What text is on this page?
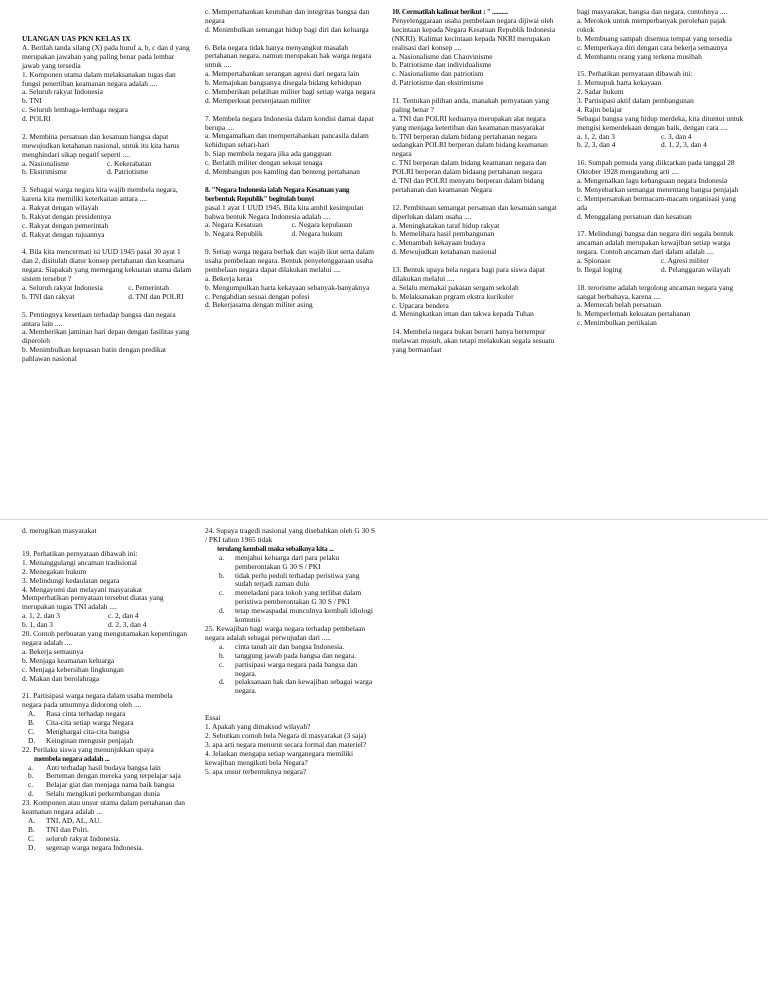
ULANGAN UAS PKN KELAS IX

A. Berilah tanda silang (X) pada huruf a, b, c dan d yang merupakan jawaban yang paling benar pada lembar jawab yang tersedia

1. Komponen utama dalam melaksanakan tugas dan fungsi penertiban keamanan negara adalah ....
a. Seluruh rakyat Indonesia
b. TNI
c. Seluruh lembaga-lembaga negara
d. POLRI
2. Membina persatuan dan kesatuan bangsa dapat mewujudkan ketahanan nasional, untuk itu kita harus menghindari sikap negatif seperti ....
a. Nasionalisme	c. Kekerabatan
b. Ekstrimisme	d. Patriotisme
3. Sebagai warga negara kita wajib membela negara, karena kita memiliki keterkaitan antara ....
a. Rakyat dengan wilayah
b. Rakyat dengan presidennya
c. Rakyat dengan pemerintah
d. Rakyat dengan tujuannya
4. Bila kita mencermati isi UUD 1945 pasal 30 ayat 1 dan 2, disitulah diatur konsep pertahanan dan keamana negara. Siapakah yang memegang kekuatan utama dalam sistem tersebut ?
a. Seluruh rakyat Indonesia	c. Pemerintah
b. TNI dan rakyat	d. TNI dan POLRI
5. Pentingnya kesetiaan terhadap bangsa dan negara antara lain ....
a. Memberikan jaminan hari depan dengan fasilitas yang diperoleh
b. Menimbulkan kepuasan batin dengan predikat pahlawan nasional
c. Mempertahankan keutuhan dan integritas bangsa dan negara
d. Menimbulkan semangat hidup bagi diri dan keluarga
6. Bela negara tidak hanya menyangkut masalah pertahanan negara, namun merupakan hak warga negara untuk ....
a. Mempertahankan serangan agresi dari negara lain
b. Memajukan bangsanya disegala bidang kehidupan
c. Memberikan pelatihan militer bagi setiap warga negara
d. Memperkuat persenjataan militer
7. Membela negara Indonesia dalam kondisi damai dapat berupa ....
a. Mengamalkan dan mempertahankan pancasila dalam kehidupan sehari-hari
b. Siap membela negara jika ada gangguan
c. Berlatih militer dengan sekuat tenaga
d. Membangun pos kamling dan benteng pertahanan
8. "Negara Indonesia ialah Negara Kesatuan yang berbentuk Republik" begitulah bunyi
pasal 1 ayat 1 UUD 1945. Bila kita ambil kesimpulan bahwa bentuk Negara Indonesia adalah ....
a. Negara Kesatuan	c. Negara kepulauan
b. Negara Republik	d. Negara hukum
9. Setiap warga negara berhak dan wajib ikut serta dalam usaha pembelaan negara. Bentuk penyelenggaraan usaha pembelaan negara dapat dilakukan melalui ....
a. Bekerja keras
b. Mengumpulkan harta kekayaan sebanyak-banyaknya
c. Pengabdian sesuai dengan pofesi
d. Bekerjasama dengan militer asing
10. Cermatilah kalimat berikut : " ..........
Penyelenggaraan usaha pembelaan negara dijiwai oleh kecintaan kepada Negara Kesatuan Republik Indonesia (NKRI). Kalimat kecintaan kepada NKRI merupakan realisasi dari konsep ....
a. Nasionalisme dan Chauvinisme
b. Patriotisme dan individualisme
c. Nasionalisme dan patriotism
d. Patriotisme dan ekstrimisme
11. Tentukan pilihan anda, manakah pernyataan yang paling benar ?
a. TNI dan POLRI keduanya merupakan alat negara yang menjaga ketertiban dan keamanan masyarakat
b. TNI berperan dalam bidang pertahanan negara sedangkan POLRI berperan dalam bidang keamanan negara
c. TNI berperan dalam bidang keamanan negara dan POLRI berperan dalam bidaang pertahanan negara
d. TNI dan POLRI menyatu berperan dalam bidang pertahanan dan keamanan Negara
12. Pembinaan semangat persatuan dan kesatuan sangat diperlukan dalam usaha ....
a. Meningkatakan taraf hidup rakyat
b. Memelihara hasil pembangunan
c. Menambah kekayaan budaya
d. Mewujudkan ketahanan nasional
13. Bentuk upaya bela negara bagi para siswa dapat dilakukan melalui ....
a. Selalu memakai pakaian sergam sekolah
b. Melaksanakan prgram ekstra kurikuler
c. Upacara bendera
d. Meningkatkan iman dan takwa kepada Tuhan
14. Membela negara bukan berarti hanya bertempur melawan musuh, akan tetapi melakukan segala sesuatu yang bermanfaat
bagi masyarakat, bangsa dan negara, contohnya ....
a. Merokok untuk memperbanyak perolehan pajak rokok
b. Membuang sampah disemua tempat yang tersedia
c. Memperkaya diri dengan cara bekerja semaunya
d. Membantu orang yang terkena musibah
15. Perhatikan pernyataan dibawah ini:
1. Memupuk harta kekayaan
2. Sadar hukum
3. Partisipasi aktif dalam pembangunan
4. Rajin belajar
Sebagai bangsa yang hidup merdeka, kita dituntut untuk mengisi kemerdekaan dengan baik, dengan cara ....
a. 1, 2, dan 3	c. 3, dan 4
b. 2, 3, dan 4	d. 1, 2, 3, dan 4
16. Sumpah pemuda yang diikrarkan pada tanggal 28 Oktober 1928 mengandung arti ....
a. Mengenalkan lagu kebangsaan negara Indonesia
b. Menyebarkan semangat menentang bangsa penjajah
c. Mempersatukan bermacam-macam organisasi yang ada
d. Menggalang persatuan dan kesatuan
17. Melindungi bangsa dan negara diri segala bentuk ancaman adalah merupakan kewajiban setiap warga negara. Contoh ancaman dari dalam adalah ....
a. Spionase	c. Agresi militer
b. Ilegal loging	d. Pelanggaran wilayah
18. terorisme adalah tergolong ancaman negara yang sangat berbahaya, karena ....
a. Memecah belah persatuan
b. Memperlemah kekuatan pertahanan
c. Menimbulkan pertikaian

d. merugikan masyarakat

19. Perhatikan pernyataan dibawah ini:
1. Menanggulangi ancaman tradisional
2. Menegakan hukum
3. Melindungi kedaulatan negara
4. Mengayomi dan melayani masyarakat
Memperhatikan pernyataan tersebut diatas yang merupakan tugas TNI adalah ....
a. 1, 2, dan 3	c. 2, dan 4
b. 1, dan 3	d. 2, 3, dan 4
20. Contoh perbuatan yang mengutamakan kepentingan negara adalah ....
a. Bekerja semaunya
b. Menjaga keamanan keluarga
c. Menjaga kebersihan lingkungan
d. Makan dan berolahraga
21. Partisipasi warga negara dalam usaha membela negara pada umumnya didorong oleh ....
A.	Rasa cinta terhadap negara
B.	Cita-cita setiap warga Negara
C.	Menghargai cita-cita bangsa
D.	Keinginan mengusir penjajah
22. Perilaku siswa yang menunjukkan upaya
membela negara adalah ...
a.	Anti terhadap hasil budaya bangsa lain
b.	Berteman dengan mereka yang terpelajar saja
c.	Belajar giat dan menjaga nama baik bangsa
d.	Selalu mengikuti perkembangan dunia
23. Komponen atau unsur utama dalam pertahanan dan keamanan negara adalah ...
A.	TNI, AD, AL, AU.
B.	TNI dan Polri.
C.	seluruh rakyat Indonesia.
D.	segenap warga negara Indonesia.
24. Supaya tragedi nasional yang disebabkan oleh G 30 S / PKI tahun 1965 tidak
terulang kembali maka sebaiknya kita ...
a.	menjahui keluarga dari para pelaku pemberontakan G 30 S / PKI
b.	tidak perlu peduli terhadap peristiwa yang sudah terjadi zaman dulu
c.	meneladani para tokoh yang terlibat dalam peristiwa pemberontakan G 30 S / PKI
d.	tetap mewaspadai munculnya kembali idiologi komunis
25. Kewajiban bagi warga negara terhadap pembelaan negara adalah sebagai perwujudan dari .....
a.	cinta tanah air dan bangsa Indonesia.
b.	tanggung jawab pada bangsa dan negara.
c.	partisipasi warga negara pada bangsa dan negara.
d.	pelaksanaan hak dan kewajiban sebagai warga negara.
Essai
1. Apakah yang dimaksud wilayah?
2. Sebutkan contoh bela Negara di masyarakat (3 saja)
3. apa arti negara menurut secara formal dan materiel?
4. Jelaskan mengapa setiap warganegara memiliki kewajiban mengikuti bela Negara?
5. apa unsur terbentuknya negara?
